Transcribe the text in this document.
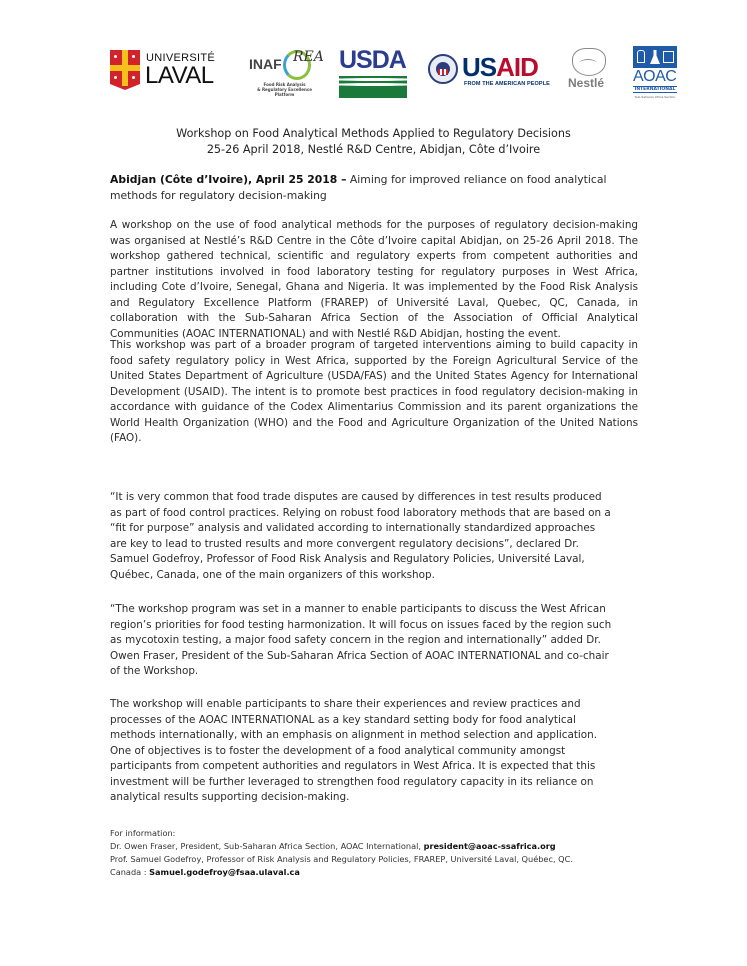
UNIVERSITÉ
LAVAL	INAF REA
Food Risk Analysis
& Regulatory Excellence Platform
USDA USAID
FROM THE AMERICAN PEOPLE Nestlé AOAC
INTERNATIONAL
Sub-Saharan Africa Section
Workshop on Food Analytical Methods Applied to Regulatory Decisions
25-26 April 2018, Nestlé R&D Centre, Abidjan, Côte d’Ivoire
Abidjan (Côte d’Ivoire), April 25 2018 – Aiming for improved reliance on food analytical methods for regulatory decision-making

A workshop on the use of food analytical methods for the purposes of regulatory decision-making was organised at Nestlé’s R&D Centre in the Côte d’Ivoire capital Abidjan, on 25-26 April 2018. The workshop gathered technical, scientific and regulatory experts from competent authorities and partner institutions involved in food laboratory testing for regulatory purposes in West Africa, including Cote d’Ivoire, Senegal, Ghana and Nigeria. It was implemented by the Food Risk Analysis and Regulatory Excellence Platform (FRAREP) of Université Laval, Quebec, QC, Canada, in collaboration with the Sub-Saharan Africa Section of the Association of Official Analytical Communities (AOAC INTERNATIONAL) and with Nestlé R&D Abidjan, hosting the event.

This workshop was part of a broader program of targeted interventions aiming to build capacity in food safety regulatory policy in West Africa, supported by the Foreign Agricultural Service of the United States Department of Agriculture (USDA/FAS) and the United States Agency for International Development (USAID). The intent is to promote best practices in food regulatory decision-making in accordance with guidance of the Codex Alimentarius Commission and its parent organizations the World Health Organization (WHO) and the Food and Agriculture Organization of the United Nations (FAO).

“It is very common that food trade disputes are caused by differences in test results produced as part of food control practices. Relying on robust food laboratory methods that are based on a “fit for purpose” analysis and validated according to internationally standardized approaches are key to lead to trusted results and more convergent regulatory decisions”, declared Dr. Samuel Godefroy, Professor of Food Risk Analysis and Regulatory Policies, Université Laval, Québec, Canada, one of the main organizers of this workshop.

“The workshop program was set in a manner to enable participants to discuss the West African region’s priorities for food testing harmonization. It will focus on issues faced by the region such as mycotoxin testing, a major food safety concern in the region and internationally” added Dr. Owen Fraser, President of the Sub-Saharan Africa Section of AOAC INTERNATIONAL and co-chair of the Workshop.

The workshop will enable participants to share their experiences and review practices and processes of the AOAC INTERNATIONAL as a key standard setting body for food analytical methods internationally, with an emphasis on alignment in method selection and application. One of objectives is to foster the development of a food analytical community amongst participants from competent authorities and regulators in West Africa. It is expected that this investment will be further leveraged to strengthen food regulatory capacity in its reliance on analytical results supporting decision-making.

For information:
Dr. Owen Fraser, President, Sub-Saharan Africa Section, AOAC International, president@aoac-ssafrica.org
Prof. Samuel Godefroy, Professor of Risk Analysis and Regulatory Policies, FRAREP, Université Laval, Québec, QC.
Canada : Samuel.godefroy@fsaa.ulaval.ca
